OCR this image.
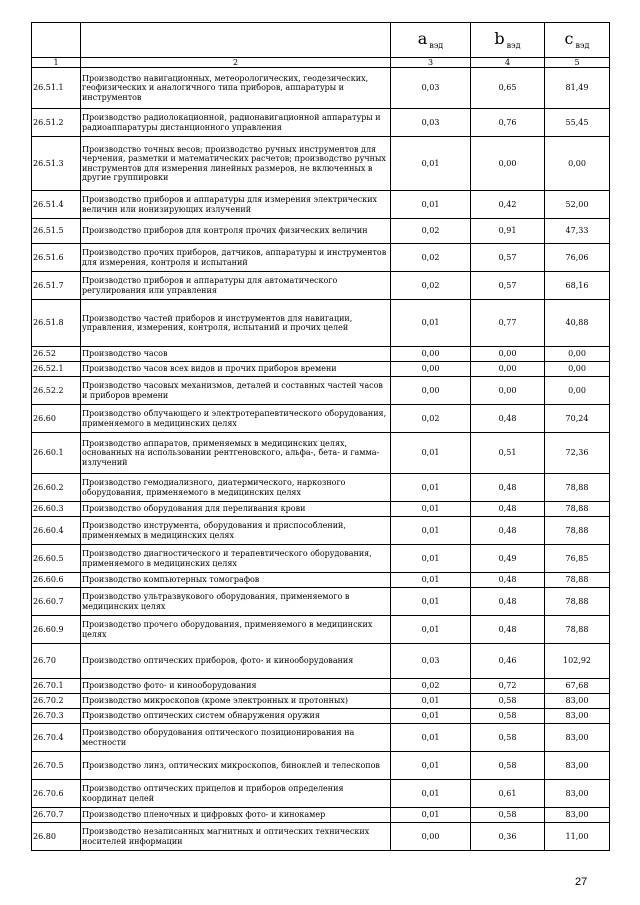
		a $_{вэд}$	b $_{вэд}$	c $_{вэд}$
1	2	3	4	5
26.51.1	Производство навигационных, метеорологических, геодезических, геофизических и аналогичного типа приборов, аппаратуры и инструментов	0,03	0,65	81,49
26.51.2	Производство радиолокационной, радионавигационной аппаратуры и радиоаппаратуры дистанционного управления	0,03	0,76	55,45
26.51.3	Производство точных весов; производство ручных инструментов для черчения, разметки и математических расчетов; производство ручных инструментов для измерения линейных размеров, не включенных в другие группировки	0,01	0,00	0,00
26.51.4	Производство приборов и аппаратуры для измерения электрических величин или ионизирующих излучений	0,01	0,42	52,00
26.51.5	Производство приборов для контроля прочих физических величин	0,02	0,91	47,33
26.51.6	Производство прочих приборов, датчиков, аппаратуры и инструментов для измерения, контроля и испытаний	0,02	0,57	76,06
26.51.7	Производство приборов и аппаратуры для автоматического регулирования или управления	0,02	0,57	68,16
26.51.8	Производство частей приборов и инструментов для навигации, управления, измерения, контроля, испытаний и прочих целей	0,01	0,77	40,88
26.52	Производство часов	0,00	0,00	0,00
26.52.1	Производство часов всех видов и прочих приборов времени	0,00	0,00	0,00
26.52.2	Производство часовых механизмов, деталей и составных частей часов и приборов времени	0,00	0,00	0,00
26.60	Производство облучающего и электротерапевтического оборудования, применяемого в медицинских целях	0,02	0,48	70,24
26.60.1	Производство аппаратов, применяемых в медицинских целях, основанных на использовании рентгеновского, альфа-, бета- и гамма-излучений	0,01	0,51	72,36
26.60.2	Производство гемодиализного, диатермического, наркозного оборудования, применяемого в медицинских целях	0,01	0,48	78,88
26.60.3	Производство оборудования для переливания крови	0,01	0,48	78,88
26.60.4	Производство инструмента, оборудования и приспособлений, применяемых в медицинских целях	0,01	0,48	78,88
26.60.5	Производство диагностического и терапевтического оборудования, применяемого в медицинских целях	0,01	0,49	76,85
26.60.6	Производство компьютерных томографов	0,01	0,48	78,88
26.60.7	Производство ультразвукового оборудования, применяемого в медицинских целях	0,01	0,48	78,88
26.60.9	Производство прочего оборудования, применяемого в медицинских целях	0,01	0,48	78,88
26.70	Производство оптических приборов, фото- и кинооборудования	0,03	0,46	102,92
26.70.1	Производство фото- и кинооборудования	0,02	0,72	67,68
26.70.2	Производство микроскопов (кроме электронных и протонных)	0,01	0,58	83,00
26.70.3	Производство оптических систем обнаружения оружия	0,01	0,58	83,00
26.70.4	Производство оборудования оптического позиционирования на местности	0,01	0,58	83,00
26.70.5	Производство линз, оптических микроскопов, биноклей и телескопов	0,01	0,58	83,00
26.70.6	Производство оптических прицелов и приборов определения координат целей	0,01	0,61	83,00
26.70.7	Производство пленочных и цифровых фото- и кинокамер	0,01	0,58	83,00
26.80	Производство незаписанных магнитных и оптических технических носителей информации	0,00	0,36	11,00
27
